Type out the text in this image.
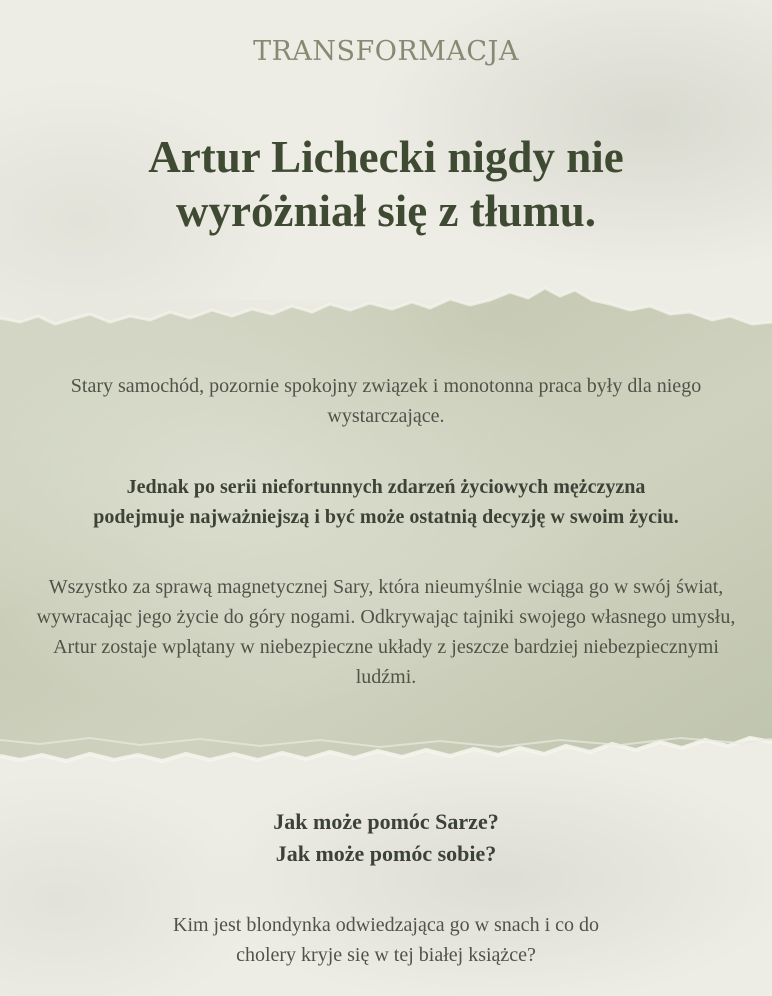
TRANSFORMACJA
Artur Lichecki nigdy nie
wyróżniał się z tłumu.
Stary samochód, pozornie spokojny związek i monotonna praca były dla niego wystarczające.
Jednak po serii niefortunnych zdarzeń życiowych mężczyzna
podejmuje najważniejszą i być może ostatnią decyzję w swoim życiu.
Wszystko za sprawą magnetycznej Sary, która nieumyślnie wciąga go w swój świat, wywracając jego życie do góry nogami. Odkrywając tajniki swojego własnego umysłu, Artur zostaje wplątany w niebezpieczne układy z jeszcze bardziej niebezpiecznymi ludźmi.
Jak może pomóc Sarze?
Jak może pomóc sobie?
Kim jest blondynka odwiedzająca go w snach i co do
cholery kryje się w tej białej książce?
